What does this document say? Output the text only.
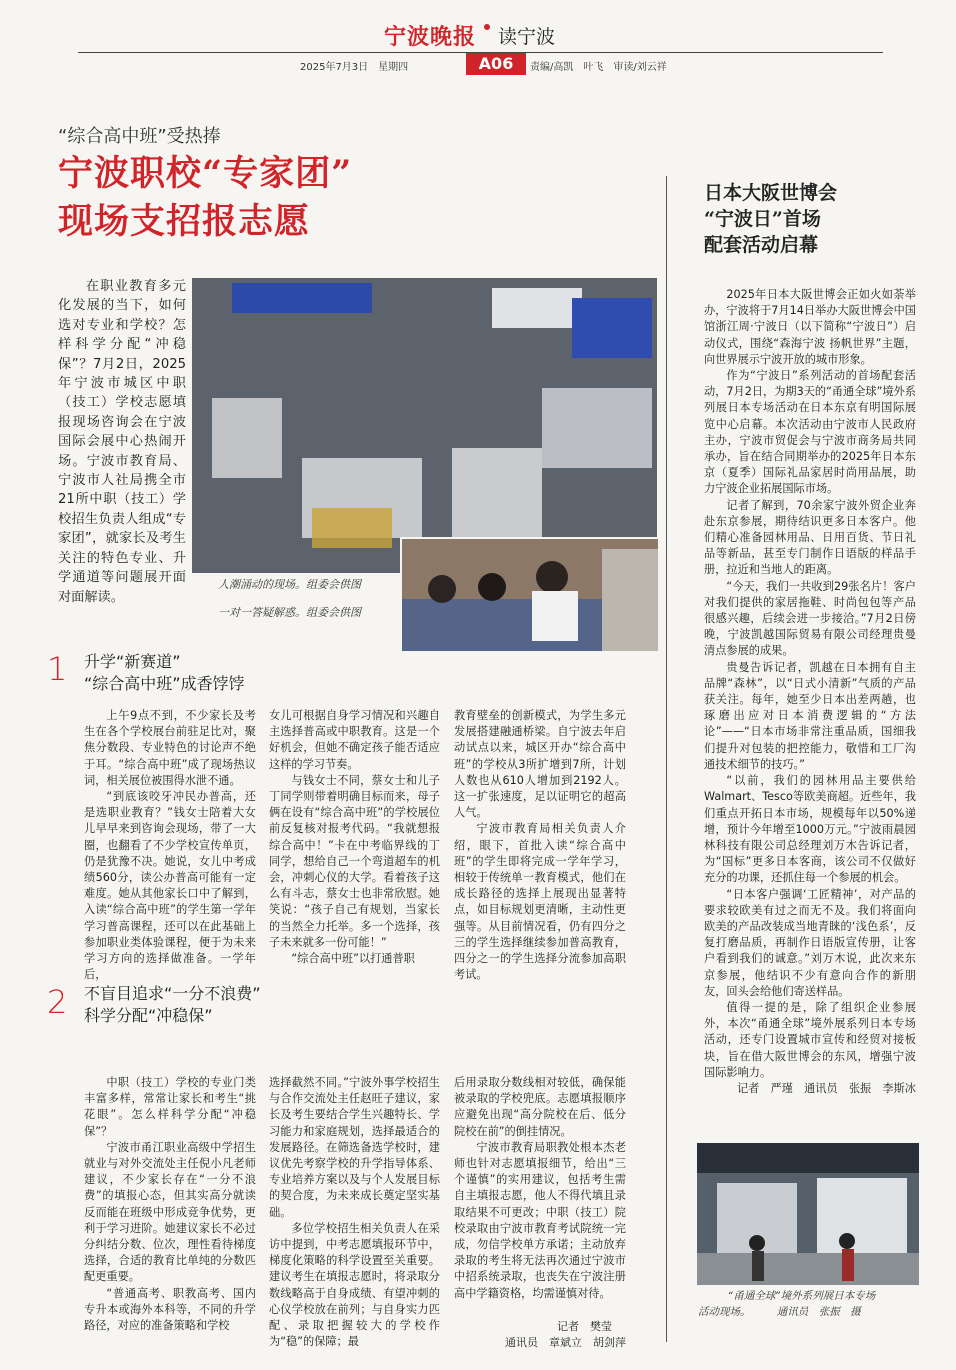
宁波晚报 读宁波
2025年7月3日　星期四	A06	责编/高凯　叶飞　审读/刘云祥
“综合高中班”受热捧
宁波职校“专家团”
现场支招报志愿
在职业教育多元化发展的当下，如何选对专业和学校？怎样科学分配“冲稳保”？7月2日，2025年宁波市城区中职（技工）学校志愿填报现场咨询会在宁波国际会展中心热闹开场。宁波市教育局、宁波市人社局携全市21所中职（技工）学校招生负责人组成“专家团”，就家长及考生关注的特色专业、升学通道等问题展开面对面解读。
人潮涌动的现场。组委会供图
一对一答疑解惑。组委会供图
1 升学“新赛道”
“综合高中班”成香饽饽

上午9点不到，不少家长及考生在各个学校展台前驻足比对，聚焦分数段、专业特色的讨论声不绝于耳。“综合高中班”成了现场热议词，相关展位被围得水泄不通。

“到底该咬牙冲民办普高，还是选职业教育？”钱女士陪着大女儿早早来到咨询会现场，带了一大圈，也翻看了不少学校宣传单页，仍是犹豫不决。她说，女儿中考成绩560分，读公办普高可能有一定难度。她从其他家长口中了解到，入读“综合高中班”的学生第一学年学习普高课程，还可以在此基础上参加职业类体验课程，便于为未来学习方向的选择做准备。一学年后，

女儿可根据自身学习情况和兴趣自主选择普高或中职教育。这是一个好机会，但她不确定孩子能否适应这样的学习节奏。

与钱女士不同，蔡女士和儿子丁同学则带着明确目标而来，母子俩在设有“综合高中班”的学校展位前反复核对报考代码。“我就想报综合高中！”卡在中考临界线的丁同学，想给自己一个弯道超车的机会，冲刺心仪的大学。看着孩子这么有斗志，蔡女士也非常欣慰。她笑说：“孩子自己有规划，当家长的当然全力托举。多一个选择，孩子未来就多一份可能！”

“综合高中班”以打通普职

教育壁垒的创新模式，为学生多元发展搭建融通桥梁。自宁波去年启动试点以来，城区开办“综合高中班”的学校从3所扩增到7所，计划人数也从610人增加到2192人。这一扩张速度，足以证明它的超高人气。

宁波市教育局相关负责人介绍，眼下，首批入读“综合高中班”的学生即将完成一学年学习，相较于传统单一教育模式，他们在成长路径的选择上展现出显著特点，如目标规划更清晰，主动性更强等。从目前情况看，仍有四分之三的学生选择继续参加普高教育，四分之一的学生选择分流参加高职考试。

2 不盲目追求“一分不浪费”
科学分配“冲稳保”

中职（技工）学校的专业门类丰富多样，常常让家长和考生“挑花眼”。怎么样科学分配“冲稳保”？

宁波市甬江职业高级中学招生就业与对外交流处主任倪小凡老师建议，不少家长存在“一分不浪费”的填报心态，但其实高分就读反而能在班级中形成竞争优势，更利于学习进阶。她建议家长不必过分纠结分数、位次，理性看待梯度选择，合适的教育比单纯的分数匹配更重要。

“普通高考、职教高考、国内专升本或海外本科等，不同的升学路径，对应的准备策略和学校

选择截然不同。”宁波外事学校招生与合作交流处主任赵旺子建议，家长及考生要结合学生兴趣特长、学习能力和家庭规划，选择最适合的发展路径。在筛选备选学校时，建议优先考察学校的升学指导体系、专业培养方案以及与个人发展目标的契合度，为未来成长奠定坚实基础。

多位学校招生相关负责人在采访中提到，中考志愿填报环节中，梯度化策略的科学设置至关重要。建议考生在填报志愿时，将录取分数线略高于自身成绩、有望冲刺的心仪学校放在前列；与自身实力匹配、录取把握较大的学校作为“稳”的保障；最

后用录取分数线相对较低，确保能被录取的学校兜底。志愿填报顺序应避免出现“高分院校在后、低分院校在前”的倒挂情况。

宁波市教育局职教处根本杰老师也针对志愿填报细节，给出“三个谨慎”的实用建议，包括考生需自主填报志愿，他人不得代填且录取结果不可更改；中职（技工）院校录取由宁波市教育考试院统一完成，勿信学校单方承诺；主动放弃录取的考生将无法再次通过宁波市中招系统录取，也丧失在宁波注册高中学籍资格，均需谨慎对待。

记者　樊莹
通讯员　章斌立　胡剑萍
日本大阪世博会
“宁波日”首场
配套活动启幕

2025年日本大阪世博会正如火如荼举办，宁波将于7月14日举办大阪世博会中国馆浙江周·宁波日（以下简称“宁波日”）启动仪式，围绕“森海宁波 扬帆世界”主题，向世界展示宁波开放的城市形象。

作为“宁波日”系列活动的首场配套活动，7月2日，为期3天的“甬通全球”境外系列展日本专场活动在日本东京有明国际展览中心启幕。本次活动由宁波市人民政府主办，宁波市贸促会与宁波市商务局共同承办，旨在结合同期举办的2025年日本东京（夏季）国际礼品家居时尚用品展，助力宁波企业拓展国际市场。

记者了解到，70余家宁波外贸企业奔赴东京参展，期待结识更多日本客户。他们精心准备园林用品、日用百货、节日礼品等新品，甚至专门制作日语版的样品手册，拉近和当地人的距离。

“今天，我们一共收到29张名片！客户对我们提供的家居拖鞋、时尚包包等产品很感兴趣，后续会进一步接洽。”7月2日傍晚，宁波凯越国际贸易有限公司经理贵曼清点参展的成果。

贵曼告诉记者，凯越在日本拥有自主品牌“森林”，以“日式小清新”气质的产品获关注。每年，她至少日本出差两趟，也琢磨出应对日本消费逻辑的“方法论”——“日本市场非常注重品质，国细我们提升对包装的把控能力，敬惜和工厂沟通技术细节的技巧。”

“以前，我们的园林用品主要供给Walmart、Tesco等欧美商超。近些年，我们重点开拓日本市场，规模每年以50%递增，预计今年增至1000万元。”宁波雨晨园林科技有限公司总经理刘万木告诉记者，为“国标”更多日本客商，该公司不仅做好充分的功课，还抓住每一个参展的机会。

“日本客户强调‘工匠精神’，对产品的要求较欧美有过之而无不及。我们将面向欧美的产品改装成当地青睐的‘浅色系’，反复打磨品质，再制作日语版宣传册，让客户看到我们的诚意。”刘万木说，此次来东京参展，他结识不少有意向合作的新朋友，回头会给他们寄送样品。

值得一提的是，除了组织企业参展外，本次“甬通全球”境外展系列日本专场活动，还专门设置城市宣传和经贸对接板块，旨在借大阪世博会的东风，增强宁波国际影响力。

记者　严瑾　通讯员　张振　李斯冰

“甬通全球”境外系列展日本专场
活动现场。　　　通讯员　张振　摄
